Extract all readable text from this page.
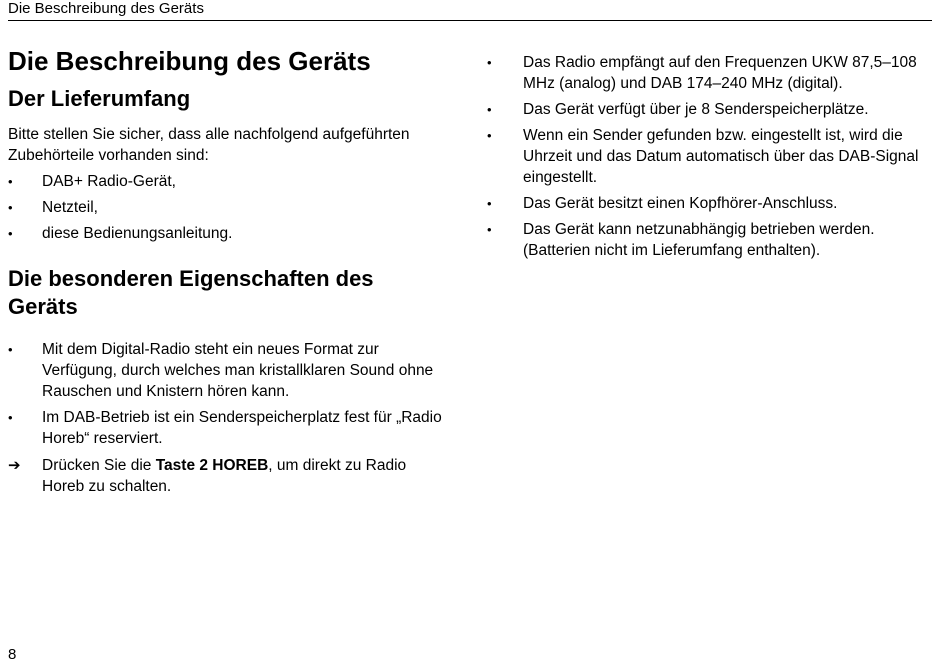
Die Beschreibung des Geräts
Die Beschreibung des Geräts
Der Lieferumfang

Bitte stellen Sie sicher, dass alle nachfolgend aufgeführten Zubehörteile vorhanden sind:

• DAB+ Radio-Gerät,
• Netzteil,
• diese Bedienungsanleitung.
Die besonderen Eigenschaften des Geräts
• Mit dem Digital-Radio steht ein neues Format zur Verfügung, durch welches man kristallklaren Sound ohne Rauschen und Knistern hören kann.
• Im DAB-Betrieb ist ein Senderspeicherplatz fest für „Radio Horeb“ reserviert.

➔ Drücken Sie die Taste 2 HOREB, um direkt zu Radio Horeb zu schalten.

• Das Radio empfängt auf den Frequenzen UKW 87,5–108 MHz (analog) und DAB 174–240 MHz (digital).
• Das Gerät verfügt über je 8 Senderspeicherplätze.
• Wenn ein Sender gefunden bzw. eingestellt ist, wird die Uhrzeit und das Datum automatisch über das DAB-Signal eingestellt.
• Das Gerät besitzt einen Kopfhörer-Anschluss.
• Das Gerät kann netzunabhängig betrieben werden. (Batterien nicht im Lieferumfang enthalten).
8
